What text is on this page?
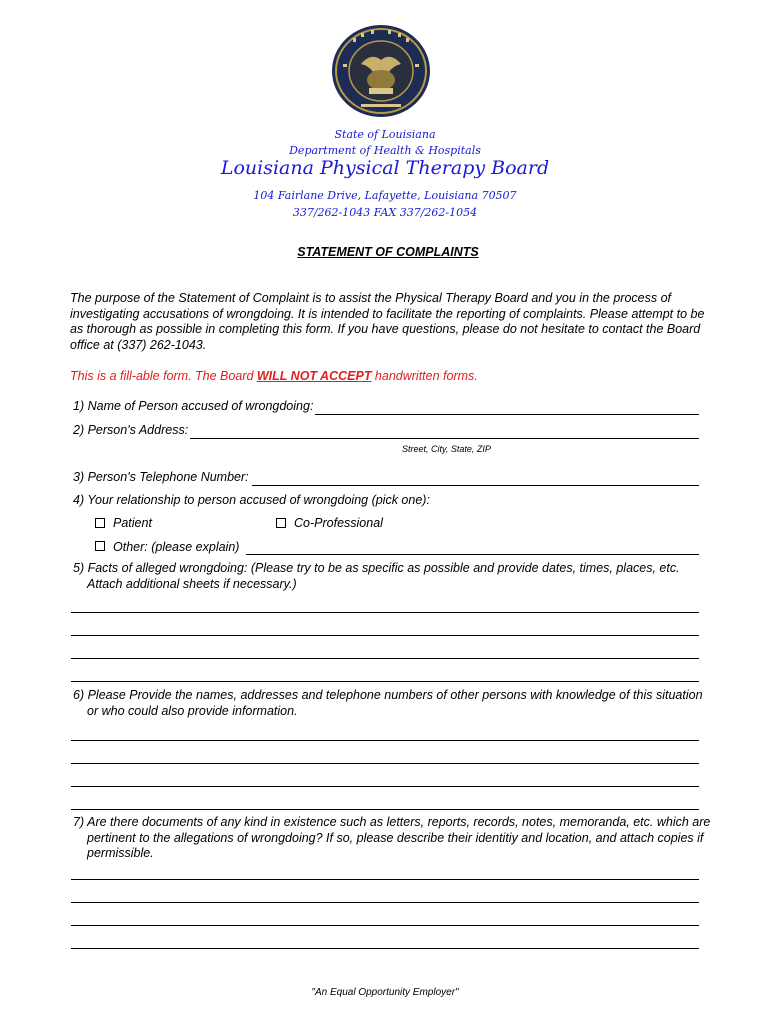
State of Louisiana
Department of Health & Hospitals
Louisiana Physical Therapy Board
104 Fairlane Drive, Lafayette, Louisiana 70507
337/262-1043 FAX 337/262-1054
STATEMENT OF COMPLAINTS
The purpose of the Statement of Complaint is to assist the Physical Therapy Board and you in the process of investigating accusations of wrongdoing. It is intended to facilitate the reporting of complaints. Please attempt to be as thorough as possible in completing this form. If you have questions, please do not hesitate to contact the Board office at (337) 262-1043.
This is a fill-able form. The Board WILL NOT ACCEPT handwritten forms.
1) Name of Person accused of wrongdoing:
2) Person's Address:
Street, City, State, ZIP
3) Person's Telephone Number:
4) Your relationship to person accused of wrongdoing (pick one):
Patient	Co-Professional
Other: (please explain)
5) Facts of alleged wrongdoing: (Please try to be as specific as possible and provide dates, times, places, etc. Attach additional sheets if necessary.)
6) Please Provide the names, addresses and telephone numbers of other persons with knowledge of this situation or who could also provide information.
7) Are there documents of any kind in existence such as letters, reports, records, notes, memoranda, etc. which are pertinent to the allegations of wrongdoing? If so, please describe their identitiy and location, and attach copies if permissible.
"An Equal Opportunity Employer"
